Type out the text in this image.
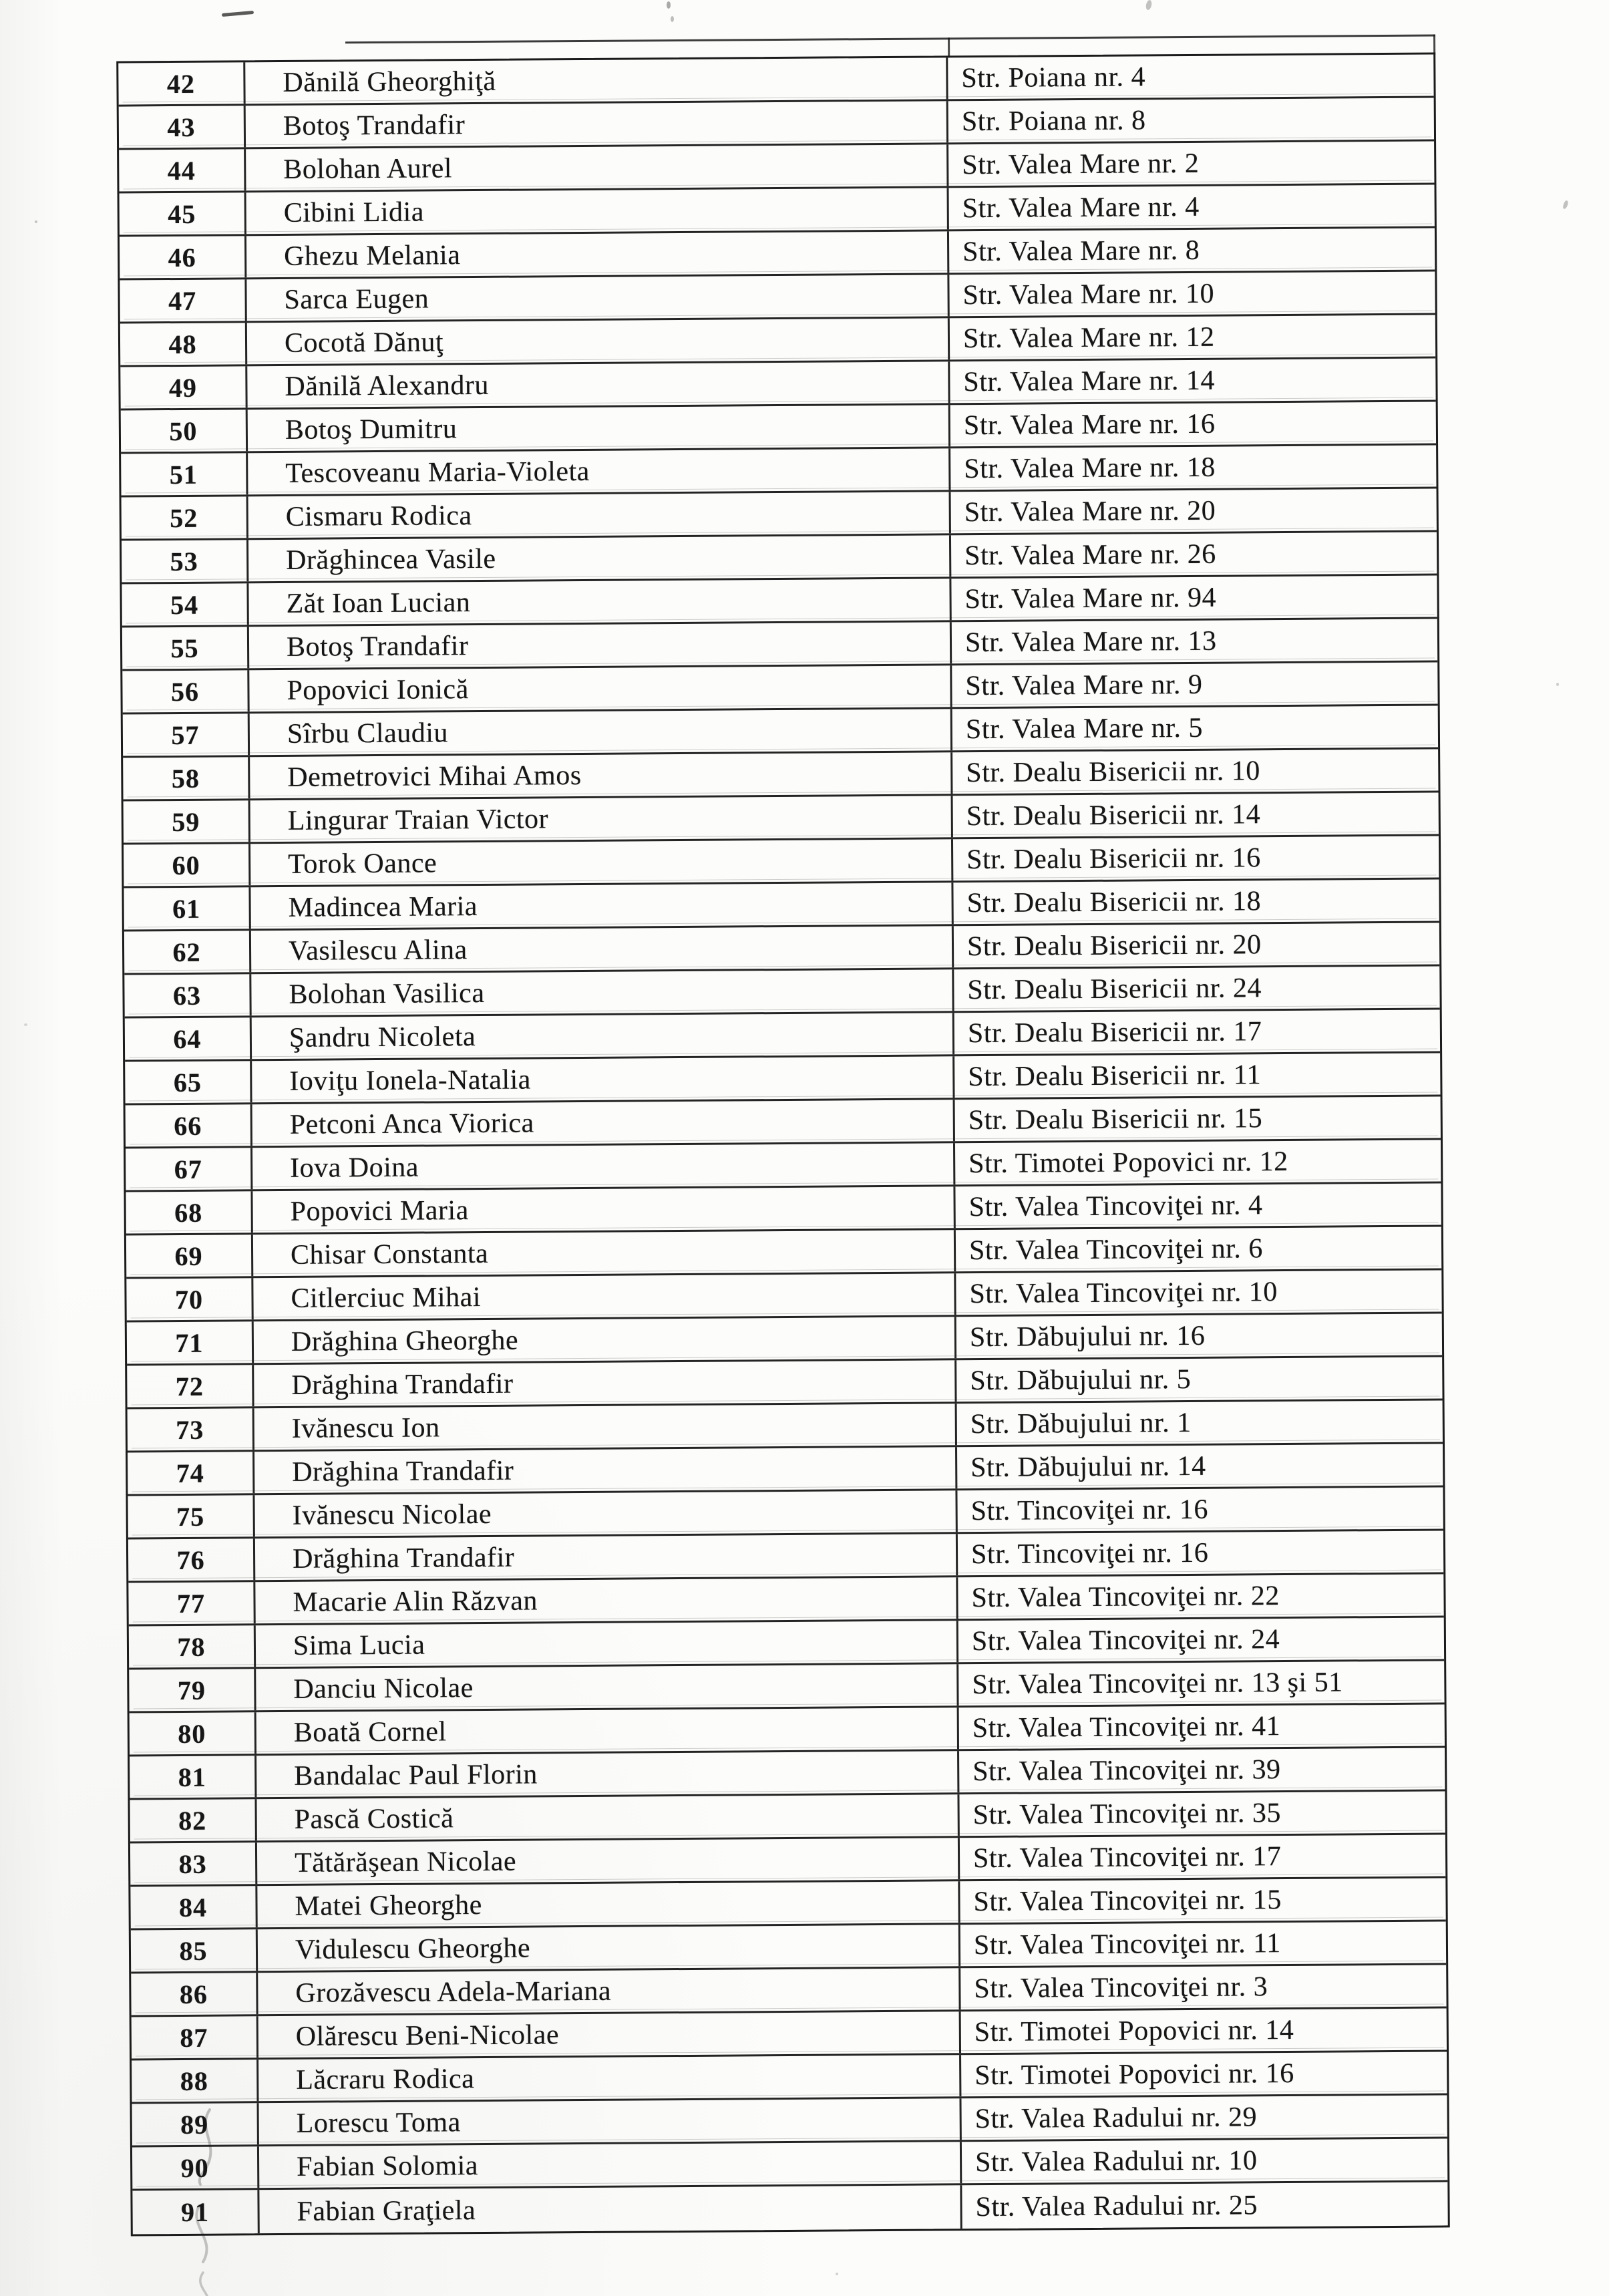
42	Dănilă Gheorghiţă	Str. Poiana nr. 4
43	Botoş Trandafir	Str. Poiana nr. 8
44	Bolohan Aurel	Str. Valea Mare nr. 2
45	Cibini Lidia	Str. Valea Mare nr. 4
46	Ghezu Melania	Str. Valea Mare nr. 8
47	Sarca Eugen	Str. Valea Mare nr. 10
48	Cocotă Dănuţ	Str. Valea Mare nr. 12
49	Dănilă Alexandru	Str. Valea Mare nr. 14
50	Botoş Dumitru	Str. Valea Mare nr. 16
51	Tescoveanu Maria-Violeta	Str. Valea Mare nr. 18
52	Cismaru Rodica	Str. Valea Mare nr. 20
53	Drăghincea Vasile	Str. Valea Mare nr. 26
54	Zăt Ioan Lucian	Str. Valea Mare nr. 94
55	Botoş Trandafir	Str. Valea Mare nr. 13
56	Popovici Ionică	Str. Valea Mare nr. 9
57	Sîrbu Claudiu	Str. Valea Mare nr. 5
58	Demetrovici Mihai Amos	Str. Dealu Bisericii nr. 10
59	Lingurar Traian Victor	Str. Dealu Bisericii nr. 14
60	Torok Oance	Str. Dealu Bisericii nr. 16
61	Madincea Maria	Str. Dealu Bisericii nr. 18
62	Vasilescu Alina	Str. Dealu Bisericii nr. 20
63	Bolohan Vasilica	Str. Dealu Bisericii nr. 24
64	Şandru Nicoleta	Str. Dealu Bisericii nr. 17
65	Ioviţu Ionela-Natalia	Str. Dealu Bisericii nr. 11
66	Petconi Anca Viorica	Str. Dealu Bisericii nr. 15
67	Iova Doina	Str. Timotei Popovici nr. 12
68	Popovici Maria	Str. Valea Tincoviţei nr. 4
69	Chisar Constanta	Str. Valea Tincoviţei nr. 6
70	Citlerciuc Mihai	Str. Valea Tincoviţei nr. 10
71	Drăghina Gheorghe	Str. Dăbujului nr. 16
72	Drăghina Trandafir	Str. Dăbujului nr. 5
73	Ivănescu Ion	Str. Dăbujului nr. 1
74	Drăghina Trandafir	Str. Dăbujului nr. 14
75	Ivănescu Nicolae	Str. Tincoviţei nr. 16
76	Drăghina Trandafir	Str. Tincoviţei nr. 16
77	Macarie Alin Răzvan	Str. Valea Tincoviţei nr. 22
78	Sima Lucia	Str. Valea Tincoviţei nr. 24
79	Danciu Nicolae	Str. Valea Tincoviţei nr. 13 şi 51
80	Boată Cornel	Str. Valea Tincoviţei nr. 41
81	Bandalac Paul Florin	Str. Valea Tincoviţei nr. 39
82	Pască Costică	Str. Valea Tincoviţei nr. 35
83	Tătărăşean Nicolae	Str. Valea Tincoviţei nr. 17
84	Matei Gheorghe	Str. Valea Tincoviţei nr. 15
85	Vidulescu Gheorghe	Str. Valea Tincoviţei nr. 11
86	Grozăvescu Adela-Mariana	Str. Valea Tincoviţei nr. 3
87	Olărescu Beni-Nicolae	Str. Timotei Popovici nr. 14
88	Lăcraru Rodica	Str. Timotei Popovici nr. 16
89	Lorescu Toma	Str. Valea Radului nr. 29
90	Fabian Solomia	Str. Valea Radului nr. 10
91	Fabian Graţiela	Str. Valea Radului nr. 25
